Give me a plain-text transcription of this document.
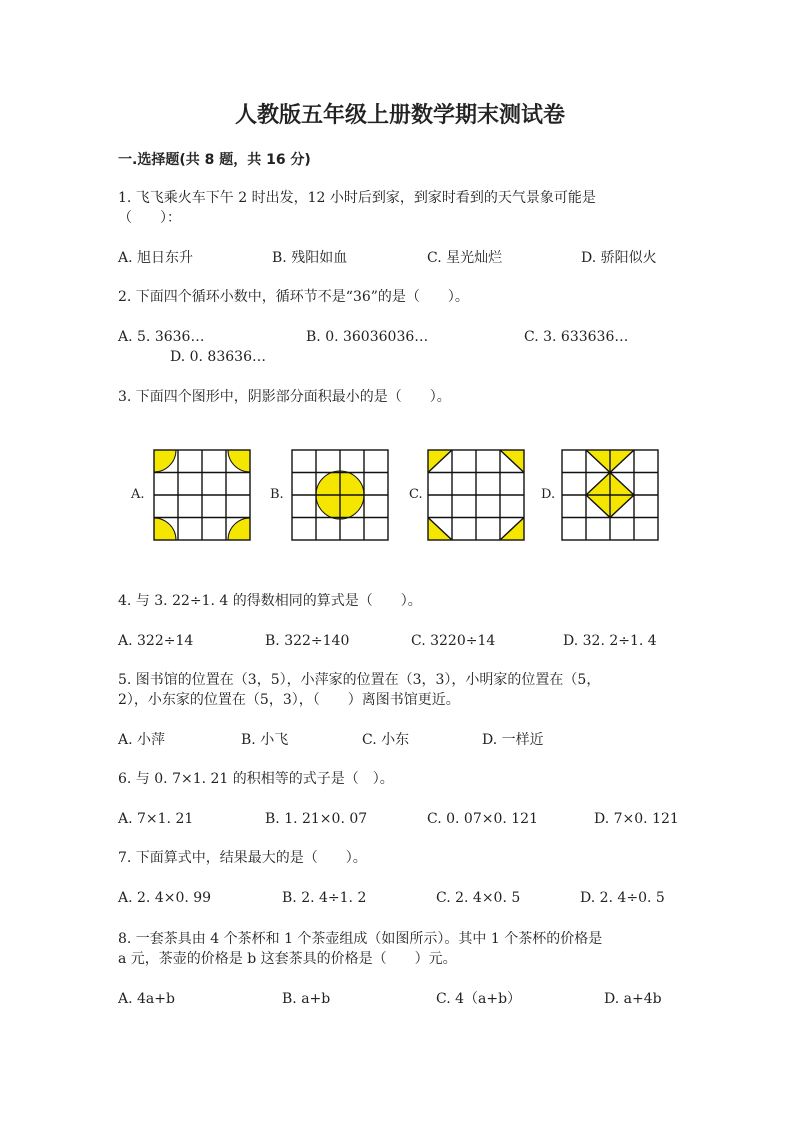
人教版五年级上册数学期末测试卷
一.选择题(共 8 题，共 16 分)
1. 飞飞乘火车下午 2 时出发，12 小时后到家，到家时看到的天气景象可能是
（　　）：
A. 旭日东升	B. 残阳如血	C. 星光灿烂	D. 骄阳似火
2. 下面四个循环小数中，循环节不是“36”的是（　　）。
A. 5. 3636…	B. 0. 36036036…	C. 3. 633636…
D. 0. 83636…
3. 下面四个图形中，阴影部分面积最小的是（　　）。
A.	B.	C.	D.
4. 与 3. 22÷1. 4 的得数相同的算式是（　　）。
A. 322÷14	B. 322÷140	C. 3220÷14	D. 32. 2÷1. 4
5. 图书馆的位置在（3，5），小萍家的位置在（3，3），小明家的位置在（5，
2），小东家的位置在（5，3），（　　）离图书馆更近。
A. 小萍	B. 小飞	C. 小东	D. 一样近
6. 与 0. 7×1. 21 的积相等的式子是（　）。
A. 7×1. 21	B. 1. 21×0. 07	C. 0. 07×0. 121	D. 7×0. 121
7. 下面算式中，结果最大的是（　　）。
A. 2. 4×0. 99	B. 2. 4÷1. 2	C. 2. 4×0. 5	D. 2. 4÷0. 5
8. 一套茶具由 4 个茶杯和 1 个茶壶组成（如图所示）。其中 1 个茶杯的价格是
a 元，茶壶的价格是 b 这套茶具的价格是（　　）元。
A. 4a+b	B. a+b	C. 4（a+b）	D. a+4b
